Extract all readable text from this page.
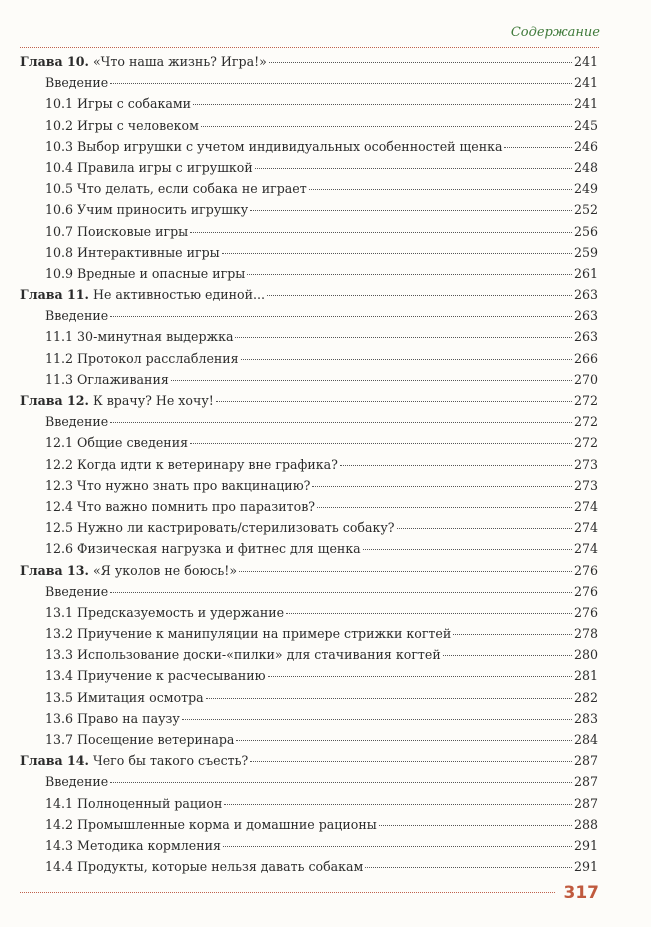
Содержание
Глава 10. «Что наша жизнь? Игра!»	241
Введение	241
10.1 Игры с собаками	241
10.2 Игры с человеком	245
10.3 Выбор игрушки с учетом индивидуальных особенностей щенка	246
10.4 Правила игры с игрушкой	248
10.5 Что делать, если собака не играет	249
10.6 Учим приносить игрушку	252
10.7 Поисковые игры	256
10.8 Интерактивные игры	259
10.9 Вредные и опасные игры	261
Глава 11. Не активностью единой...	263
Введение	263
11.1 30-минутная выдержка	263
11.2 Протокол расслабления	266
11.3 Оглаживания	270
Глава 12. К врачу? Не хочу!	272
Введение	272
12.1 Общие сведения	272
12.2 Когда идти к ветеринару вне графика?	273
12.3 Что нужно знать про вакцинацию?	273
12.4 Что важно помнить про паразитов?	274
12.5 Нужно ли кастрировать/стерилизовать собаку?	274
12.6 Физическая нагрузка и фитнес для щенка	274
Глава 13. «Я уколов не боюсь!»	276
Введение	276
13.1 Предсказуемость и удержание	276
13.2 Приучение к манипуляции на примере стрижки когтей	278
13.3 Использование доски-«пилки» для стачивания когтей	280
13.4 Приучение к расчесыванию	281
13.5 Имитация осмотра	282
13.6 Право на паузу	283
13.7 Посещение ветеринара	284
Глава 14. Чего бы такого съесть?	287
Введение	287
14.1 Полноценный рацион	287
14.2 Промышленные корма и домашние рационы	288
14.3 Методика кормления	291
14.4 Продукты, которые нельзя давать собакам	291
317
